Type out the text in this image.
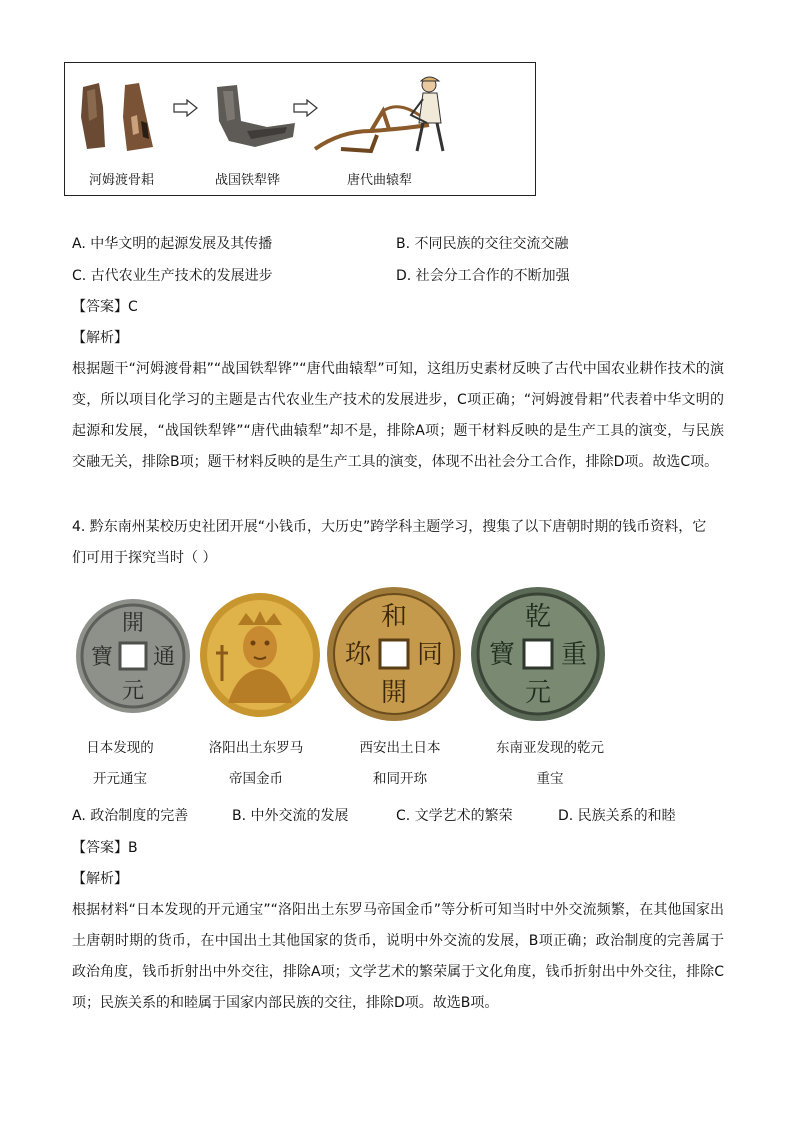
河姆渡骨耜	战国铁犁铧	唐代曲辕犁
A. 中华文明的起源发展及其传播	B. 不同民族的交往交流交融
C. 古代农业生产技术的发展进步	D. 社会分工合作的不断加强
【答案】C
【解析】
根据题干“河姆渡骨耜”“战国铁犁铧”“唐代曲辕犁”可知，这组历史素材反映了古代中国农业耕作技术的演变，所以项目化学习的主题是古代农业生产技术的发展进步，C项正确；“河姆渡骨耜”代表着中华文明的起源和发展，“战国铁犁铧”“唐代曲辕犁”却不是，排除A项；题干材料反映的是生产工具的演变，与民族交融无关，排除B项；题干材料反映的是生产工具的演变，体现不出社会分工合作，排除D项。故选C项。
4. 黔东南州某校历史社团开展“小钱币，大历史”跨学科主题学习，搜集了以下唐朝时期的钱币资料，它
们可用于探究当时（ ）
開
通
元
寶
和
同
開
珎
乾
重
元
寶
日本发现的
开元通宝
洛阳出土东罗马
帝国金币
西安出土日本
和同开珎
东南亚发现的乾元
重宝
A. 政治制度的完善	B. 中外交流的发展	C. 文学艺术的繁荣	D. 民族关系的和睦
【答案】B
【解析】
根据材料“日本发现的开元通宝”“洛阳出土东罗马帝国金币”等分析可知当时中外交流频繁，在其他国家出土唐朝时期的货币，在中国出土其他国家的货币，说明中外交流的发展，B项正确；政治制度的完善属于政治角度，钱币折射出中外交往，排除A项；文学艺术的繁荣属于文化角度，钱币折射出中外交往，排除C项；民族关系的和睦属于国家内部民族的交往，排除D项。故选B项。
